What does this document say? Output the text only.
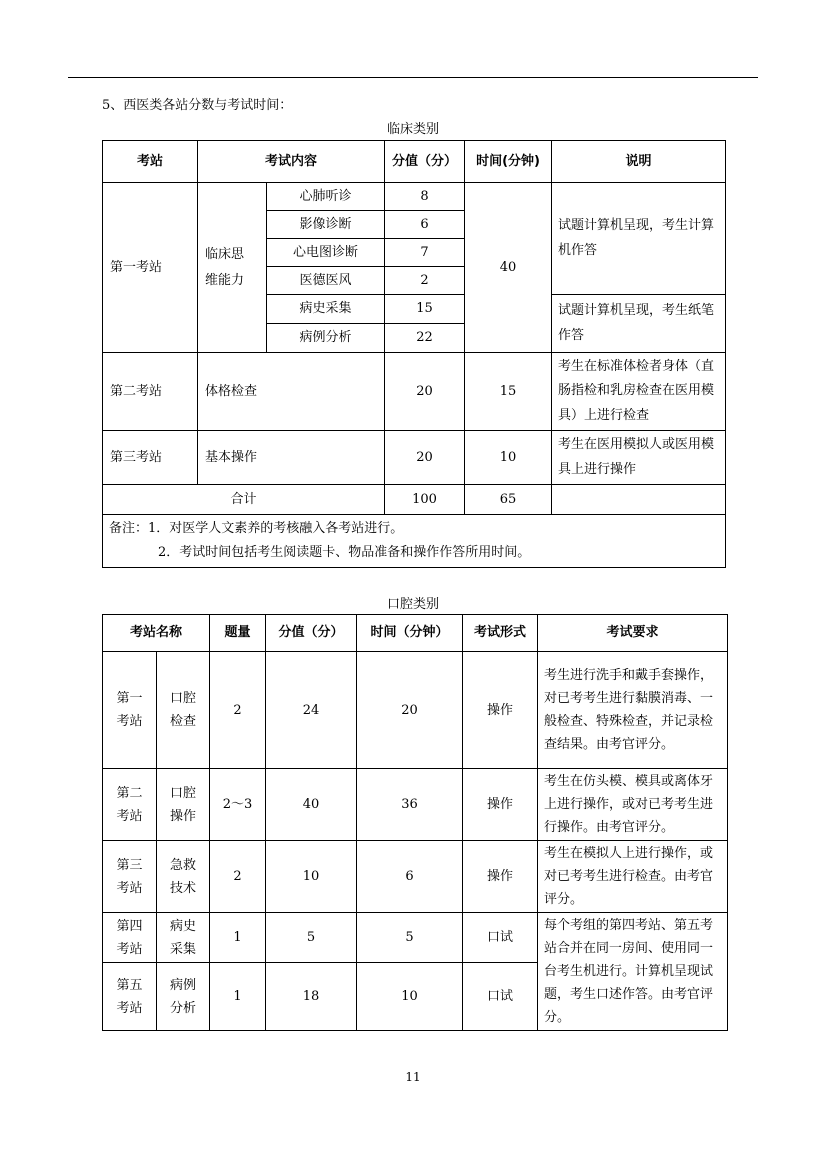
5、西医类各站分数与考试时间：
临床类别
考站	考试内容		分值（分）	时间(分钟)	说明
第一考站	临床思维能力	心肺听诊	8	40	试题计算机呈现，考生计算机作答
		影像诊断	6		
		心电图诊断	7		
		医德医风	2		
		病史采集	15		试题计算机呈现，考生纸笔作答
		病例分析	22		
第二考站	体格检查		20	15	考生在标准体检者身体（直肠指检和乳房检查在医用模具）上进行检查
第三考站	基本操作		20	10	考生在医用模拟人或医用模具上进行操作
合计			100	65	

备注：1．对医学人文素养的考核融入各考站进行。
2．考试时间包括考生阅读题卡、物品准备和操作作答所用时间。					
口腔类别
考站名称		题量	分值（分）	时间（分钟）	考试形式	考试要求
第一考站	口腔检查	2	24	20	操作	考生进行洗手和戴手套操作，对已考考生进行黏膜消毒、一般检查、特殊检查，并记录检查结果。由考官评分。
第二考站	口腔操作	2～3	40	36	操作	考生在仿头模、模具或离体牙上进行操作，或对已考考生进行操作。由考官评分。
第三考站	急救技术	2	10	6	操作	考生在模拟人上进行操作，或对已考考生进行检查。由考官评分。
第四考站	病史采集	1	5	5	口试	每个考组的第四考站、第五考站合并在同一房间、使用同一台考生机进行。计算机呈现试题，考生口述作答。由考官评分。
第五考站	病例分析	1	18	10	口试	
11
